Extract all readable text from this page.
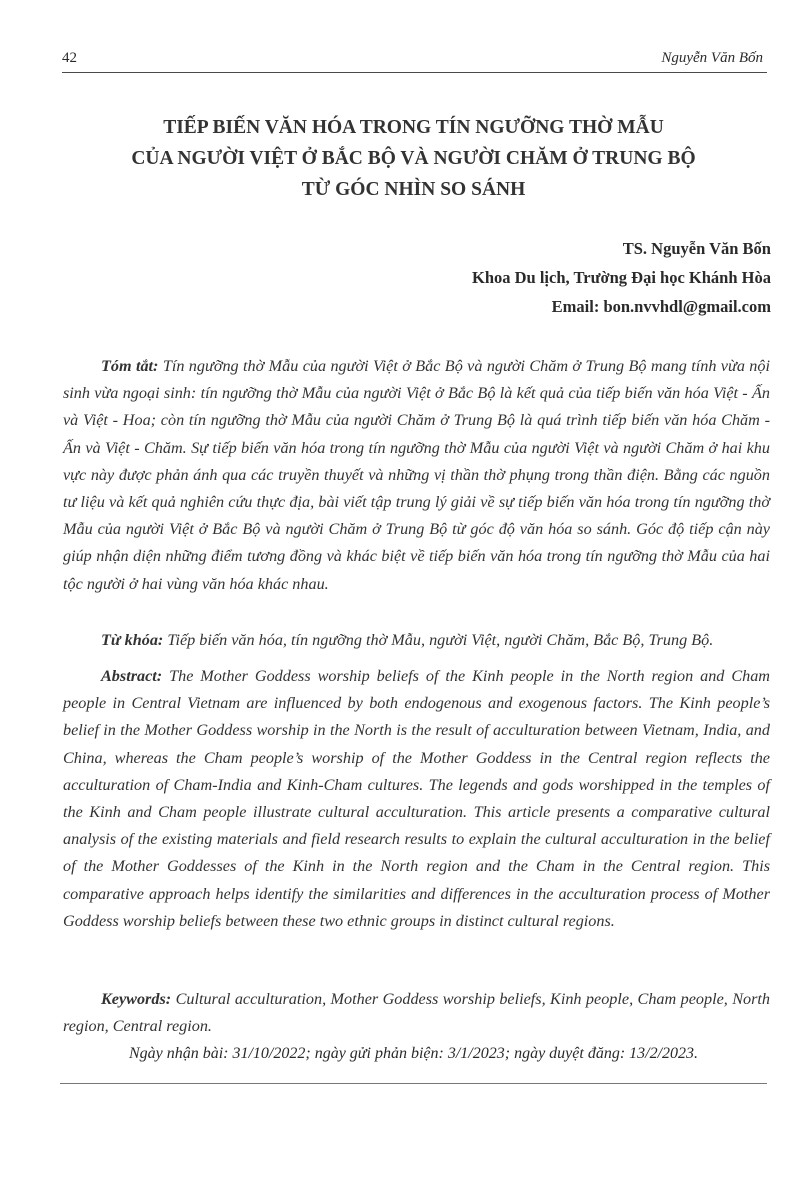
42	Nguyễn Văn Bốn
TIẾP BIẾN VĂN HÓA TRONG TÍN NGƯỠNG THỜ MẪU
CỦA NGƯỜI VIỆT Ở BẮC BỘ VÀ NGƯỜI CHĂM Ở TRUNG BỘ
TỪ GÓC NHÌN SO SÁNH
TS. Nguyễn Văn Bốn
Khoa Du lịch, Trường Đại học Khánh Hòa
Email: bon.nvvhdl@gmail.com

Tóm tắt: Tín ngưỡng thờ Mẫu của người Việt ở Bắc Bộ và người Chăm ở Trung Bộ mang tính vừa nội sinh vừa ngoại sinh: tín ngưỡng thờ Mẫu của người Việt ở Bắc Bộ là kết quả của tiếp biến văn hóa Việt - Ấn và Việt - Hoa; còn tín ngưỡng thờ Mẫu của người Chăm ở Trung Bộ là quá trình tiếp biến văn hóa Chăm - Ấn và Việt - Chăm. Sự tiếp biến văn hóa trong tín ngưỡng thờ Mẫu của người Việt và người Chăm ở hai khu vực này được phản ánh qua các truyền thuyết và những vị thần thờ phụng trong thần điện. Bằng các nguồn tư liệu và kết quả nghiên cứu thực địa, bài viết tập trung lý giải về sự tiếp biến văn hóa trong tín ngưỡng thờ Mẫu của người Việt ở Bắc Bộ và người Chăm ở Trung Bộ từ góc độ văn hóa so sánh. Góc độ tiếp cận này giúp nhận diện những điểm tương đồng và khác biệt về tiếp biến văn hóa trong tín ngưỡng thờ Mẫu của hai tộc người ở hai vùng văn hóa khác nhau.

Từ khóa: Tiếp biến văn hóa, tín ngưỡng thờ Mẫu, người Việt, người Chăm, Bắc Bộ, Trung Bộ.

Abstract: The Mother Goddess worship beliefs of the Kinh people in the North region and Cham people in Central Vietnam are influenced by both endogenous and exogenous factors. The Kinh people’s belief in the Mother Goddess worship in the North is the result of acculturation between Vietnam, India, and China, whereas the Cham people’s worship of the Mother Goddess in the Central region reflects the acculturation of Cham-India and Kinh-Cham cultures. The legends and gods worshipped in the temples of the Kinh and Cham people illustrate cultural acculturation. This article presents a comparative cultural analysis of the existing materials and field research results to explain the cultural acculturation in the belief of the Mother Goddesses of the Kinh in the North region and the Cham in the Central region. This comparative approach helps identify the similarities and differences in the acculturation process of Mother Goddess worship beliefs between these two ethnic groups in distinct cultural regions.

Keywords: Cultural acculturation, Mother Goddess worship beliefs, Kinh people, Cham people, North region, Central region.

Ngày nhận bài: 31/10/2022; ngày gửi phản biện: 3/1/2023; ngày duyệt đăng: 13/2/2023.
